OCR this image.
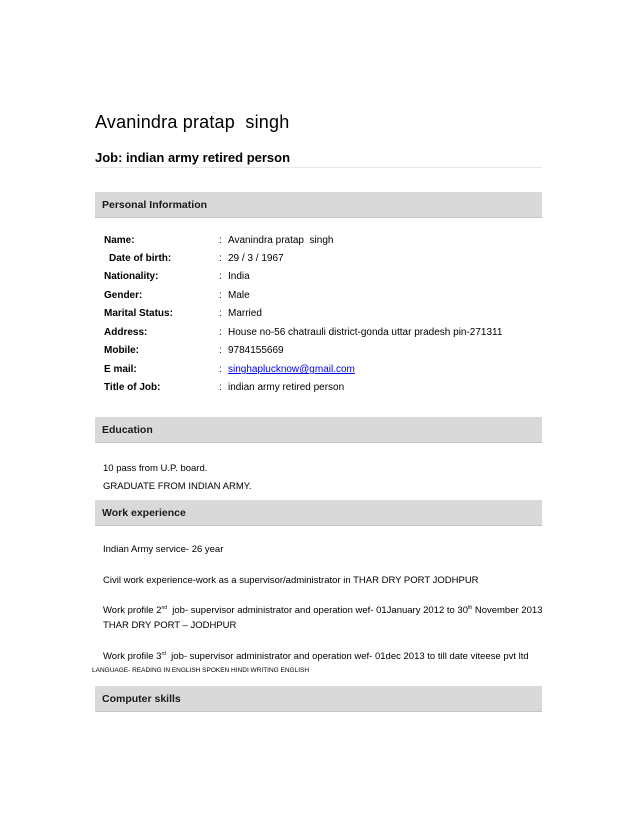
Avanindra pratap  singh
Job: indian army retired person
Personal Information
Name:	: Avanindra pratap  singh
Date of birth:	: 29 / 3 / 1967
Nationality:	: India
Gender:	: Male
Marital Status:	: Married
Address:	: House no-56 chatrauli district-gonda uttar pradesh pin-271311
Mobile:	: 9784155669
E mail:	: singhaplucknow@gmail.com
Title of Job:	: indian army retired person
Education
10 pass from U.P. board.
GRADUATE FROM INDIAN ARMY.
Work experience
Indian Army service- 26 year
Civil work experience-work as a supervisor/administrator in THAR DRY PORT JODHPUR
Work profile 2nd  job- supervisor administrator and operation wef- 01January 2012 to 30th November 2013
THAR DRY PORT – JODHPUR
Work profile 3rd  job- supervisor administrator and operation wef- 01dec 2013 to till date viteese pvt ltd
LANGUAGE- READING IN ENGLISH SPOKEN HINDI WRITING ENGLISH
Computer skills
